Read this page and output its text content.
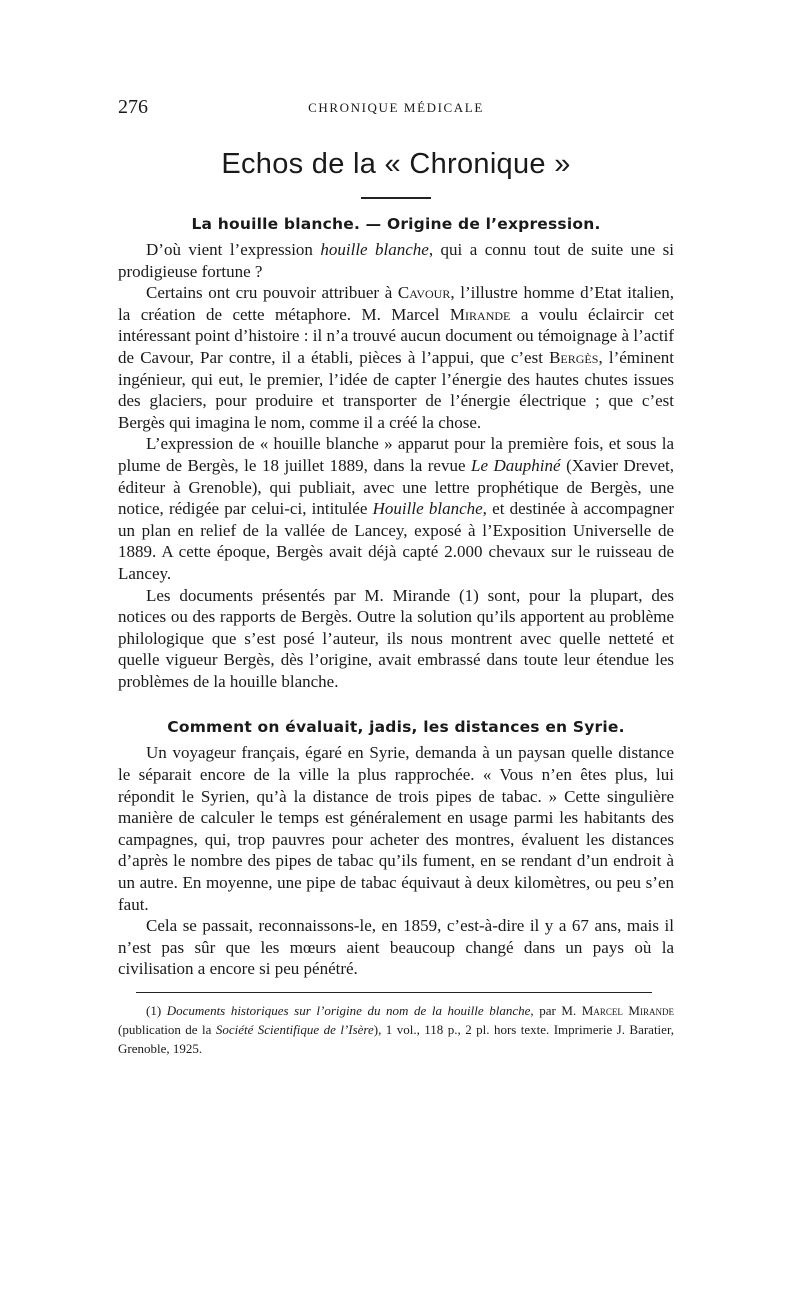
276	CHRONIQUE MÉDICALE
Echos de la « Chronique »
La houille blanche. — Origine de l’expression.

D’où vient l’expression houille blanche, qui a connu tout de suite une si prodigieuse fortune ?

Certains ont cru pouvoir attribuer à Cavour, l’illustre homme d’Etat italien, la création de cette métaphore. M. Marcel Mirande a voulu éclaircir cet intéressant point d’histoire : il n’a trouvé aucun document ou témoignage à l’actif de Cavour, Par contre, il a établi, pièces à l’appui, que c’est Bergès, l’éminent ingénieur, qui eut, le premier, l’idée de capter l’énergie des hautes chutes issues des glaciers, pour produire et transporter de l’énergie électrique ; que c’est Bergès qui imagina le nom, comme il a créé la chose.

L’expression de « houille blanche » apparut pour la première fois, et sous la plume de Bergès, le 18 juillet 1889, dans la revue Le Dauphiné (Xavier Drevet, éditeur à Grenoble), qui publiait, avec une lettre prophétique de Bergès, une notice, rédigée par celui-ci, intitulée Houille blanche, et destinée à accompagner un plan en relief de la vallée de Lancey, exposé à l’Exposition Universelle de 1889. A cette époque, Bergès avait déjà capté 2.000 chevaux sur le ruisseau de Lancey.

Les documents présentés par M. Mirande (1) sont, pour la plupart, des notices ou des rapports de Bergès. Outre la solution qu’ils apportent au problème philologique que s’est posé l’auteur, ils nous montrent avec quelle netteté et quelle vigueur Bergès, dès l’origine, avait embrassé dans toute leur étendue les problèmes de la houille blanche.

Comment on évaluait, jadis, les distances en Syrie.

Un voyageur français, égaré en Syrie, demanda à un paysan quelle distance le séparait encore de la ville la plus rapprochée. « Vous n’en êtes plus, lui répondit le Syrien, qu’à la distance de trois pipes de tabac. » Cette singulière manière de calculer le temps est généralement en usage parmi les habitants des campagnes, qui, trop pauvres pour acheter des montres, évaluent les distances d’après le nombre des pipes de tabac qu’ils fument, en se rendant d’un endroit à un autre. En moyenne, une pipe de tabac équivaut à deux kilomètres, ou peu s’en faut.

Cela se passait, reconnaissons-le, en 1859, c’est-à-dire il y a 67 ans, mais il n’est pas sûr que les mœurs aient beaucoup changé dans un pays où la civilisation a encore si peu pénétré.

(1) Documents historiques sur l’origine du nom de la houille blanche, par M. Marcel Mirande (publication de la Société Scientifique de l’Isère), 1 vol., 118 p., 2 pl. hors texte. Imprimerie J. Baratier, Grenoble, 1925.
